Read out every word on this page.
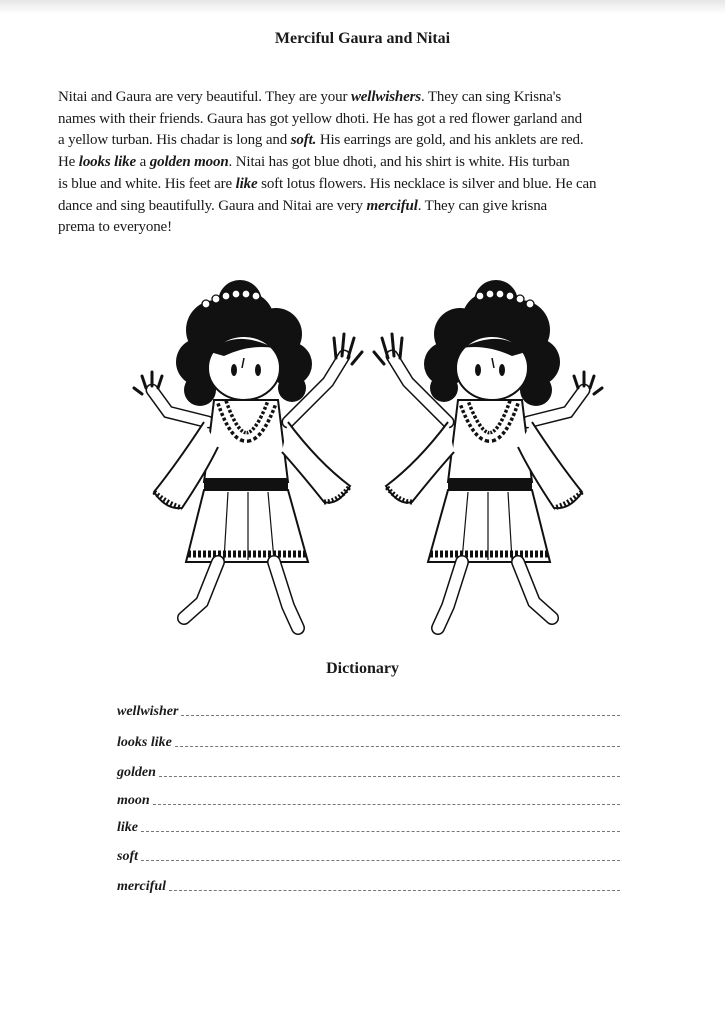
Merciful Gaura and Nitai
Nitai and Gaura are very beautiful. They are your wellwishers. They can sing Krisna's
names with their friends. Gaura has got yellow dhoti. He has got a red flower garland and
a yellow turban. His chadar is long and soft. His earrings are gold, and his anklets are red.
He looks like a golden moon. Nitai has got blue dhoti, and his shirt is white. His turban
is blue and white. His feet are like soft lotus flowers. His necklace is silver and blue. He can
dance and sing beautifully. Gaura and Nitai are very merciful. They can give krisna
prema to everyone!
Dictionary
wellwisher
looks like
golden
moon
like
soft
merciful
